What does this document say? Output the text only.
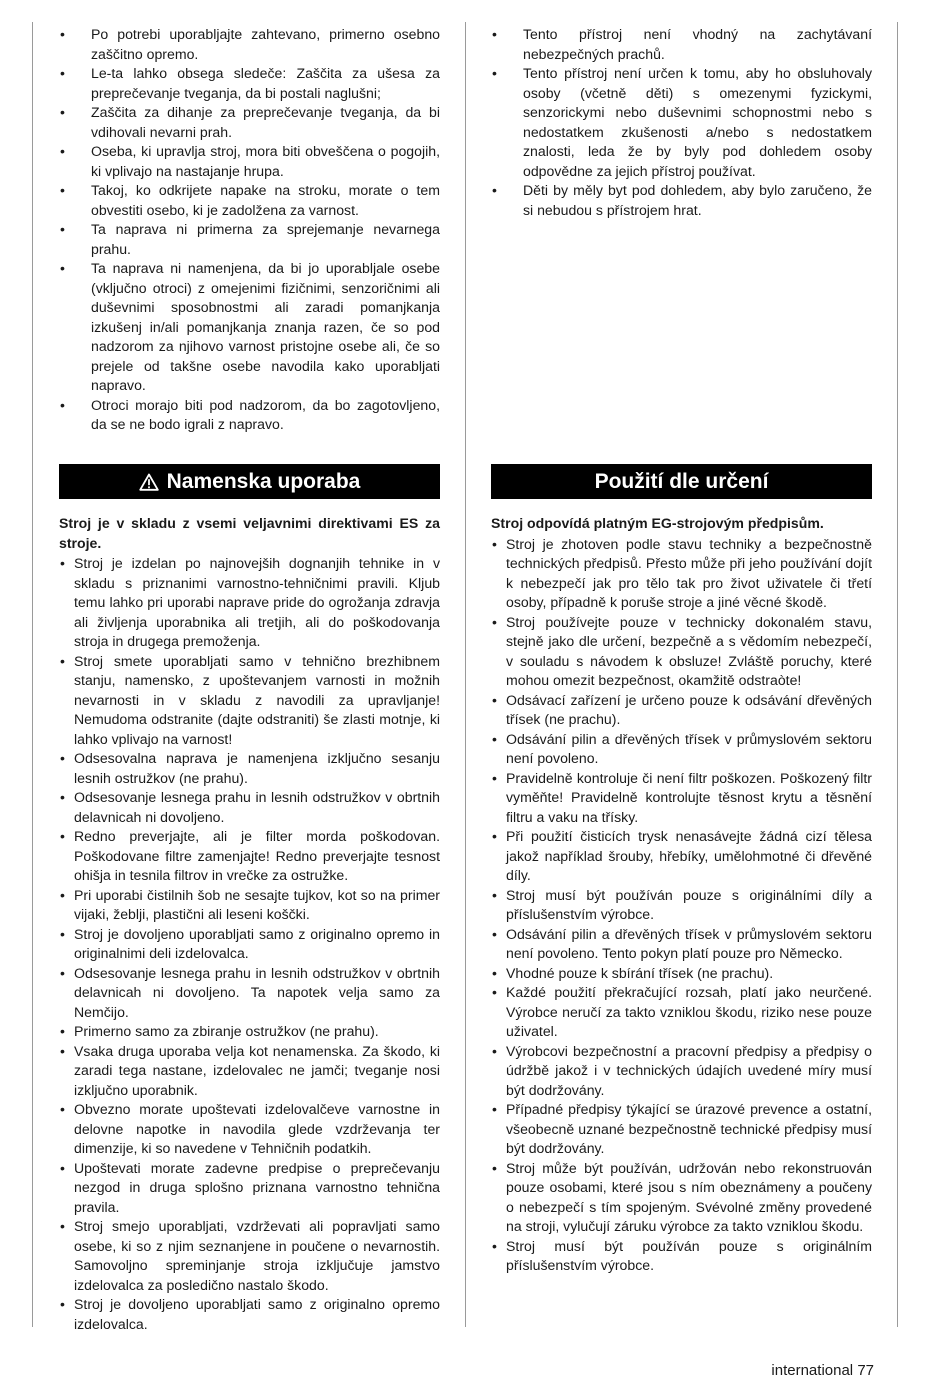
• Po potrebi uporabljajte zahtevano, primerno osebno zaščitno opremo.
• Le-ta lahko obsega sledeče: Zaščita za ušesa za preprečevanje tveganja, da bi postali naglušni;
• Zaščita za dihanje za preprečevanje tveganja, da bi vdihovali nevarni prah.
• Oseba, ki upravlja stroj, mora biti obveščena o pogojih, ki vplivajo na nastajanje hrupa.
• Takoj, ko odkrijete napake na stroku, morate o tem obvestiti osebo, ki je zadolžena za varnost.
• Ta naprava ni primerna za sprejemanje nevarnega prahu.
• Ta naprava ni namenjena, da bi jo uporabljale osebe (vključno otroci) z omejenimi fizičnimi, senzoričnimi ali duševnimi sposobnostmi ali zaradi pomanjkanja izkušenj in/ali pomanjkanja znanja razen, če so pod nadzorom za njihovo varnost pristojne osebe ali, če so prejele od takšne osebe navodila kako uporabljati napravo.
• Otroci morajo biti pod nadzorom, da bo zagotovljeno, da se ne bodo igrali z napravo.
Namenska uporaba

Stroj je v skladu z vsemi veljavnimi direktivami ES za stroje.

• Stroj je izdelan po najnovejših dognanjih tehnike in v skladu s priznanimi varnostno-tehničnimi pravili. Kljub temu lahko pri uporabi naprave pride do ogrožanja zdravja ali življenja uporabnika ali tretjih, ali do poškodovanja stroja in drugega premoženja.
• Stroj smete uporabljati samo v tehnično brezhibnem stanju, namensko, z upoštevanjem varnosti in možnih nevarnosti in v skladu z navodili za upravljanje! Nemudoma odstranite (dajte odstraniti) še zlasti motnje, ki lahko vplivajo na varnost!
• Odsesovalna naprava je namenjena izključno sesanju lesnih ostružkov (ne prahu).
• Odsesovanje lesnega prahu in lesnih odstružkov v obrtnih delavnicah ni dovoljeno.
• Redno preverjajte, ali je filter morda poškodovan. Poškodovane filtre zamenjajte! Redno preverjajte tesnost ohišja in tesnila filtrov in vrečke za ostružke.
• Pri uporabi čistilnih šob ne sesajte tujkov, kot so na primer vijaki, žeblji, plastični ali leseni koščki.
• Stroj je dovoljeno uporabljati samo z originalno opremo in originalnimi deli izdelovalca.
• Odsesovanje lesnega prahu in lesnih odstružkov v obrtnih delavnicah ni dovoljeno. Ta napotek velja samo za Nemčijo.
• Primerno samo za zbiranje ostružkov (ne prahu).
• Vsaka druga uporaba velja kot nenamenska. Za škodo, ki zaradi tega nastane, izdelovalec ne jamči; tveganje nosi izključno uporabnik.
• Obvezno morate upoštevati izdelovalčeve varnostne in delovne napotke in navodila glede vzdrževanja ter dimenzije, ki so navedene v Tehničnih podatkih.
• Upoštevati morate zadevne predpise o preprečevanju nezgod in druga splošno priznana varnostno tehnična pravila.
• Stroj smejo uporabljati, vzdrževati ali popravljati samo osebe, ki so z njim seznanjene in poučene o nevarnostih. Samovoljno spreminjanje stroja izključuje jamstvo izdelovalca za posledično nastalo škodo.
• Stroj je dovoljeno uporabljati samo z originalno opremo izdelovalca.
• Tento přístroj není vhodný na zachytávaní nebezpečných prachů.
• Tento přístroj není určen k tomu, aby ho obsluhovaly osoby (včetně děti) s omezenymi fyzickymi, senzorickymi nebo duševnimi schopnostmi nebo s nedostatkem zkušenosti a/nebo s nedostatkem znalosti, leda že by byly pod dohledem osoby odpovědne za jejich přístroj používat.
• Děti by měly byt pod dohledem, aby bylo zaručeno, že si nebudou s přístrojem hrat.
Použití dle určení

Stroj odpovídá platným EG-strojovým předpisům.

• Stroj je zhotoven podle stavu techniky a bezpečnostně technických předpisů. Přesto může při jeho používání dojít k nebezpečí jak pro tělo tak pro život uživatele či třetí osoby, případně k poruše stroje a jiné věcné škodě.
• Stroj používejte pouze v technicky dokonalém stavu, stejně jako dle určení, bezpečně a s vědomím nebezpečí, v souladu s návodem k obsluze! Zvláště poruchy, které mohou omezit bezpečnost, okamžitě odstraòte!
• Odsávací zařízení je určeno pouze k odsávání dřevěných třísek (ne prachu).
• Odsávání pilin a dřevěných třísek v průmyslovém sektoru není povoleno.
• Pravidelně kontroluje či není filtr poškozen. Poškozený filtr vyměňte! Pravidelně kontrolujte těsnost krytu a těsnění filtru a vaku na třísky.
• Při použití čisticích trysk nenasávejte žádná cizí tělesa jakož například šrouby, hřebíky, umělohmotné či dřevěné díly.
• Stroj musí být používán pouze s originálními díly a příslušenstvím výrobce.
• Odsávání pilin a dřevěných třísek v průmyslovém sektoru není povoleno. Tento pokyn platí pouze pro Německo.
• Vhodné pouze k sbírání třísek (ne prachu).
• Každé použití překračující rozsah, platí jako neurčené. Výrobce neručí za takto vzniklou škodu, riziko nese pouze uživatel.
• Výrobcovi bezpečnostní a pracovní předpisy a předpisy o údržbě jakož i v technických údajích uvedené míry musí být dodržovány.
• Případné předpisy týkající se úrazové prevence a ostatní, všeobecně uznané bezpečnostně technické předpisy musí být dodržovány.
• Stroj může být používán, udržován nebo rekonstruován pouze osobami, které jsou s ním obeznámeny a poučeny o nebezpečí s tím spojeným. Svévolné změny provedené na stroji, vylučují záruku výrobce za takto vzniklou škodu.
• Stroj musí být používán pouze s originálním příslušenstvím výrobce.
international 77
